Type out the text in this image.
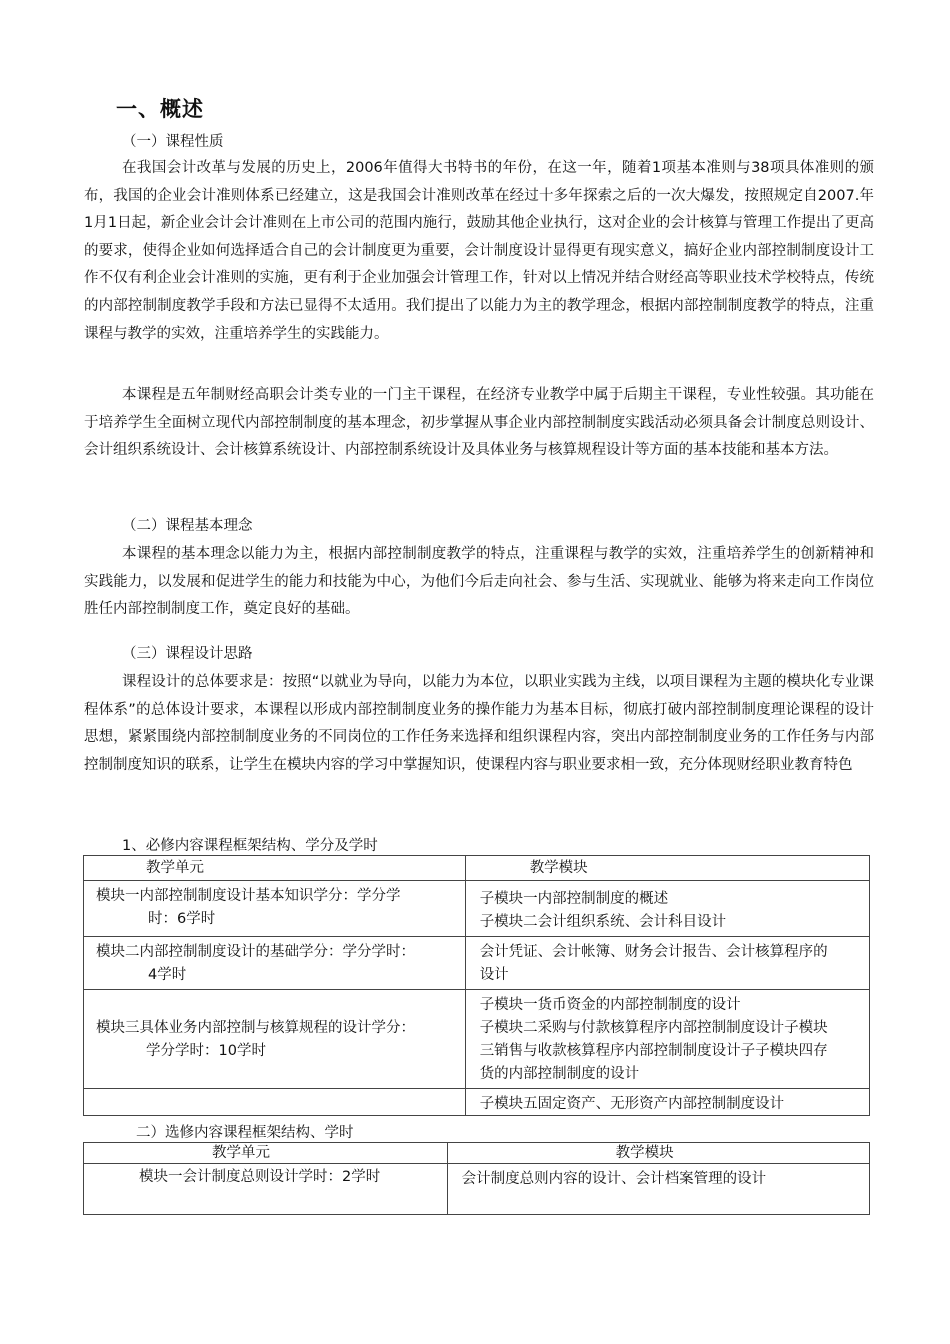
一、概述
（一）课程性质

在我国会计改革与发展的历史上，2006年值得大书特书的年份，在这一年，随着1项基本准则与38项具体准则的颁布，我国的企业会计准则体系已经建立，这是我国会计准则改革在经过十多年探索之后的一次大爆发，按照规定自2007.年1月1日起，新企业会计会计准则在上市公司的范围内施行，鼓励其他企业执行，这对企业的会计核算与管理工作提出了更高的要求，使得企业如何选择适合自己的会计制度更为重要，会计制度设计显得更有现实意义，搞好企业内部控制制度设计工作不仅有利企业会计准则的实施，更有利于企业加强会计管理工作，针对以上情况并结合财经高等职业技术学校特点，传统的内部控制制度教学手段和方法已显得不太适用。我们提出了以能力为主的教学理念，根据内部控制制度教学的特点，注重课程与教学的实效，注重培养学生的实践能力。

本课程是五年制财经高职会计类专业的一门主干课程，在经济专业教学中属于后期主干课程，专业性较强。其功能在于培养学生全面树立现代内部控制制度的基本理念，初步掌握从事企业内部控制制度实践活动必须具备会计制度总则设计、会计组织系统设计、会计核算系统设计、内部控制系统设计及具体业务与核算规程设计等方面的基本技能和基本方法。

（二）课程基本理念

本课程的基本理念以能力为主，根据内部控制制度教学的特点，注重课程与教学的实效，注重培养学生的创新精神和实践能力，以发展和促进学生的能力和技能为中心，为他们今后走向社会、参与生活、实现就业、能够为将来走向工作岗位胜任内部控制制度工作，奠定良好的基础。

（三）课程设计思路

课程设计的总体要求是：按照“以就业为导向，以能力为本位，以职业实践为主线，以项目课程为主题的模块化专业课程体系”的总体设计要求，本课程以形成内部控制制度业务的操作能力为基本目标，彻底打破内部控制制度理论课程的设计思想，紧紧围绕内部控制制度业务的不同岗位的工作任务来选择和组织课程内容，突出内部控制制度业务的工作任务与内部控制制度知识的联系，让学生在模块内容的学习中掌握知识，使课程内容与职业要求相一致，充分体现财经职业教育特色

1、必修内容课程框架结构、学分及学时
教学单元	教学模块

模块一内部控制制度设计基本知识学分：学分学
时：6学时	子模块一内部控制制度的概述
子模块二会计组织系统、会计科目设计

模块二内部控制制度设计的基础学分：学分学时：
4学时	会计凭证、会计帐簿、财务会计报告、会计核算程序的
设计

模块三具体业务内部控制与核算规程的设计学分：
学分学时：10学时	子模块一货币资金的内部控制制度的设计
子模块二采购与付款核算程序内部控制制度设计子模块
三销售与收款核算程序内部控制制度设计子子模块四存
货的内部控制制度的设计

	子模块五固定资产、无形资产内部控制制度设计
二）选修内容课程框架结构、学时
教学单元	教学模块

模块一会计制度总则设计学时：2学时	会计制度总则内容的设计、会计档案管理的设计
